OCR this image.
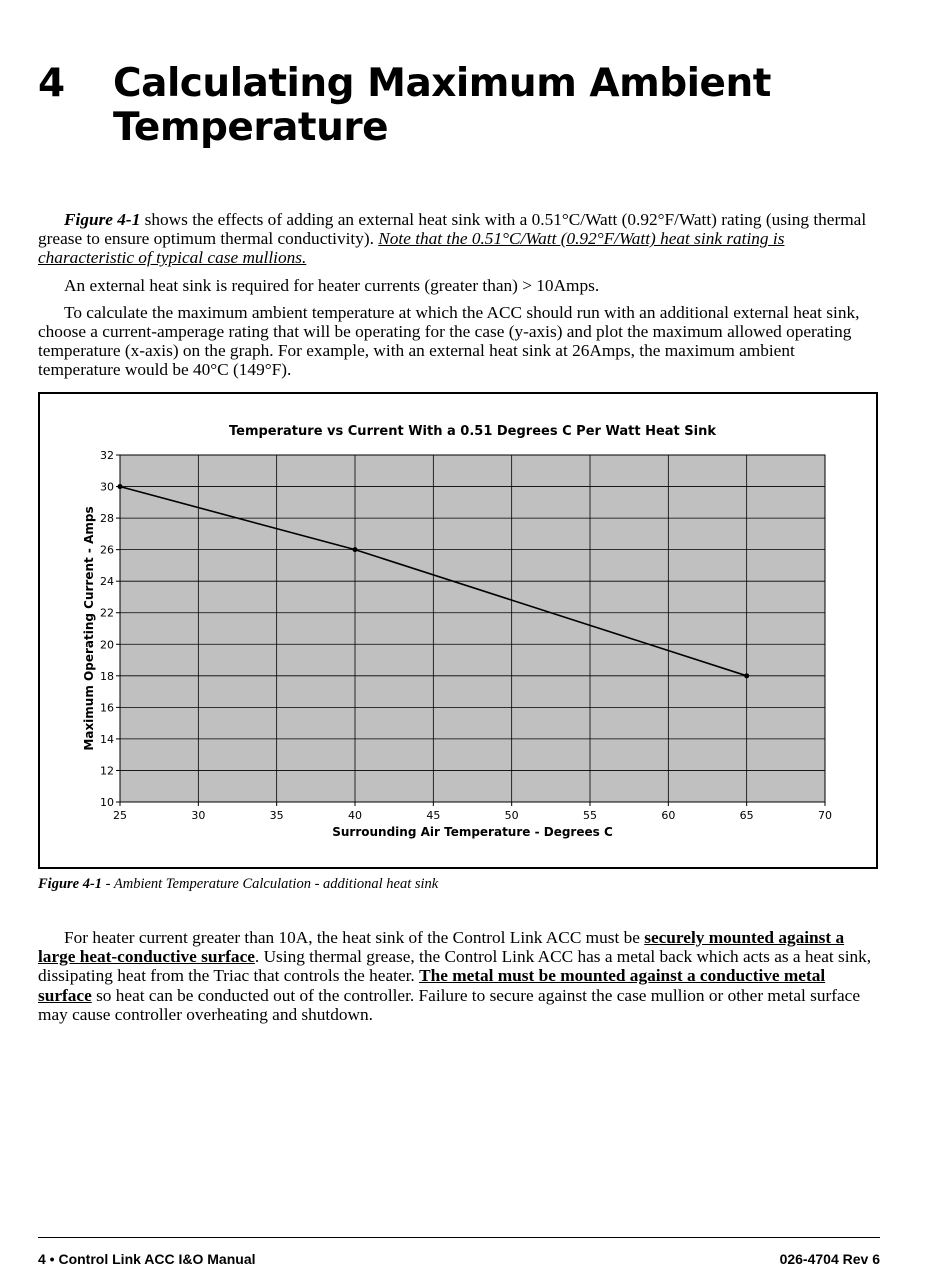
4 Calculating Maximum Ambient
Temperature

Figure 4-1 shows the effects of adding an external heat sink with a 0.51°C/Watt (0.92°F/Watt) rating (using thermal grease to ensure optimum thermal conductivity). Note that the 0.51°C/Watt (0.92°F/Watt) heat sink rating is characteristic of typical case mullions.

An external heat sink is required for heater currents (greater than) > 10Amps.

To calculate the maximum ambient temperature at which the ACC should run with an additional external heat sink, choose a current-amperage rating that will be operating for the case (y-axis) and plot the maximum allowed operating temperature (x-axis) on the graph. For example, with an external heat sink at 26Amps, the maximum ambient temperature would be 40°C (149°F).

25	30	35	40	45	50	55	60	65	70
10
12
14
16
18
20
22
24
26
28
30
32
Temperature vs Current With a 0.51 Degrees C Per Watt Heat Sink
Surrounding Air Temperature - Degrees C
Maximum Operating Current - Amps
Figure 4-1 - Ambient Temperature Calculation - additional heat sink

For heater current greater than 10A, the heat sink of the Control Link ACC must be securely mounted against a large heat-conductive surface. Using thermal grease, the Control Link ACC has a metal back which acts as a heat sink, dissipating heat from the Triac that controls the heater. The metal must be mounted against a conductive metal surface so heat can be conducted out of the controller. Failure to secure against the case mullion or other metal surface may cause controller overheating and shutdown.

4 • Control Link ACC I&O Manual	026-4704 Rev 6
